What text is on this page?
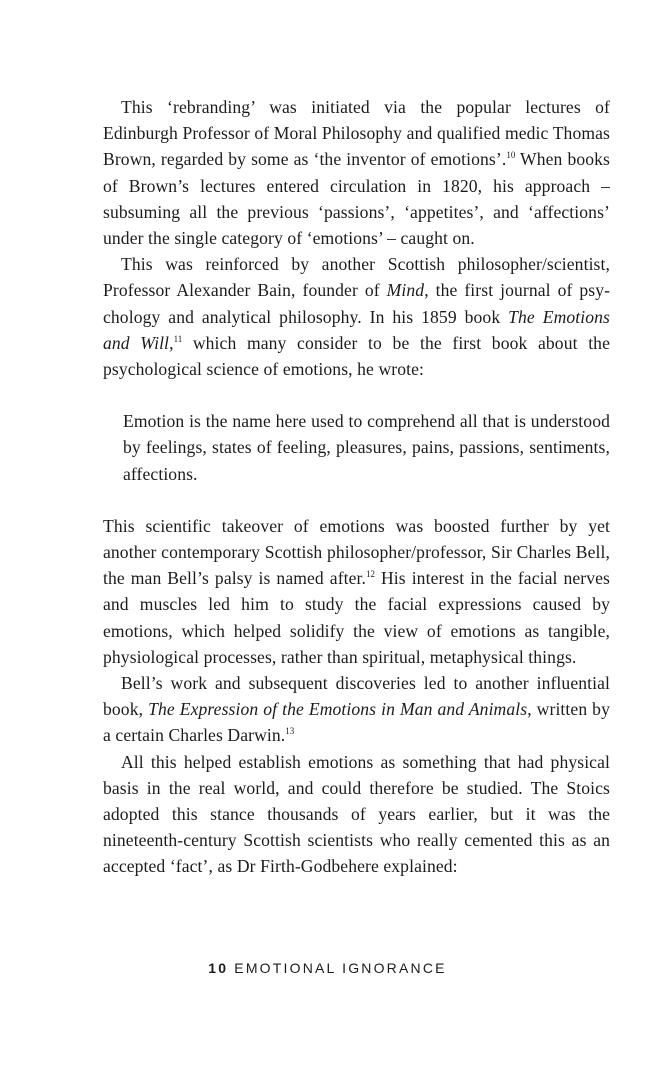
This ‘rebranding’ was initiated via the popular lectures of Edinburgh Professor of Moral Philosophy and qualified medic Thomas Brown, regarded by some as ‘the inventor of emotions’.$^{10}$ When books of Brown’s lectures entered circulation in 1820, his approach – subsuming all the previous ‘passions’, ‘appetites’, and ‘affections’ under the single category of ‘emotions’ – caught on.

This was reinforced by another Scottish philosopher/scientist, Professor Alexander Bain, founder of Mind, the first journal of psychology and analytical philosophy. In his 1859 book The Emotions and Will,$^{11}$ which many consider to be the first book about the psychological science of emotions, he wrote:

Emotion is the name here used to comprehend all that is understood by feelings, states of feeling, pleasures, pains, passions, sentiments, affections.

This scientific takeover of emotions was boosted further by yet another contemporary Scottish philosopher/professor, Sir Charles Bell, the man Bell’s palsy is named after.$^{12}$ His interest in the facial nerves and muscles led him to study the facial expressions caused by emotions, which helped solidify the view of emotions as tangible, physiological processes, rather than spiritual, metaphysical things.

Bell’s work and subsequent discoveries led to another influential book, The Expression of the Emotions in Man and Animals, written by a certain Charles Darwin.$^{13}$

All this helped establish emotions as something that had physical basis in the real world, and could therefore be studied. The Stoics adopted this stance thousands of years earlier, but it was the nineteenth-century Scottish scientists who really cemented this as an accepted ‘fact’, as Dr Firth-Godbehere explained:

10 EMOTIONAL IGNORANCE
